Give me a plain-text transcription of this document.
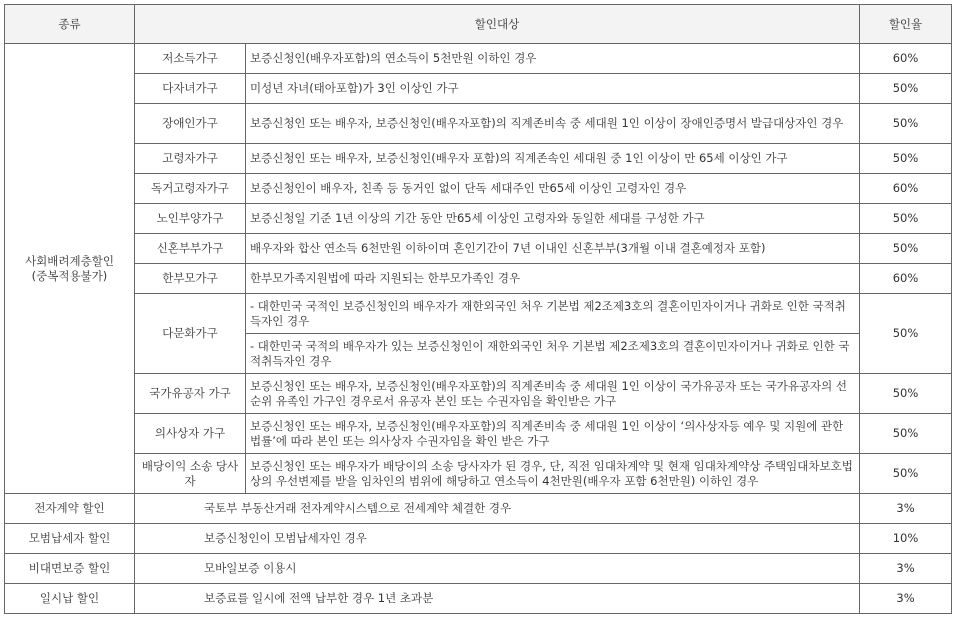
종류	할인대상		할인율

사회배려계층할인
(중복적용불가)	저소득가구	보증신청인(배우자포함)의 연소득이 5천만원 이하인 경우	60%
	다자녀가구	미성년 자녀(태아포함)가 3인 이상인 가구	50%
	장애인가구	보증신청인 또는 배우자, 보증신청인(배우자포함)의 직계존비속 중 세대원 1인 이상이 장애인증명서 발급대상자인 경우	50%
	고령자가구	보증신청인 또는 배우자, 보증신청인(배우자 포함)의 직계존속인 세대원 중 1인 이상이 만 65세 이상인 가구	50%
	독거고령자가구	보증신청인이 배우자, 친족 등 동거인 없이 단독 세대주인 만65세 이상인 고령자인 경우	60%
	노인부양가구	보증신청일 기준 1년 이상의 기간 동안 만65세 이상인 고령자와 동일한 세대를 구성한 가구	50%
	신혼부부가구	배우자와 합산 연소득 6천만원 이하이며 혼인기간이 7년 이내인 신혼부부(3개월 이내 결혼예정자 포함)	50%
	한부모가구	한부모가족지원법에 따라 지원되는 한부모가족인 경우	60%
	다문화가구	- 대한민국 국적인 보증신청인의 배우자가 재한외국인 처우 기본법 제2조제3호의 결혼이민자이거나 귀화로 인한 국적취득자인 경우	50%
		- 대한민국 국적의 배우자가 있는 보증신청인이 재한외국인 처우 기본법 제2조제3호의 결혼이민자이거나 귀화로 인한 국적취득자인 경우	
	국가유공자 가구	보증신청인 또는 배우자, 보증신청인(배우자포함)의 직계존비속 중 세대원 1인 이상이 국가유공자 또는 국가유공자의 선순위 유족인 가구인 경우로서 유공자 본인 또는 수권자임을 확인받은 가구	50%
	의사상자 가구	보증신청인 또는 배우자, 보증신청인(배우자포함)의 직계존비속 중 세대원 1인 이상이 ‘의사상자등 예우 및 지원에 관한 법률’에 따라 본인 또는 의사상자 수권자임을 확인 받은 가구	50%
	배당이익 소송 당사자	보증신청인 또는 배우자가 배당이의 소송 당사자가 된 경우, 단, 직전 임대차계약 및 현재 임대차계약상 주택임대차보호법상의 우선변제를 받을 임차인의 범위에 해당하고 연소득이 4천만원(배우자 포함 6천만원) 이하인 경우	50%
전자계약 할인	국토부 부동산거래 전자계약시스템으로 전세계약 체결한 경우		3%
모범납세자 할인	보증신청인이 모범납세자인 경우		10%
비대면보증 할인	모바일보증 이용시		3%
일시납 할인	보증료를 일시에 전액 납부한 경우 1년 초과분		3%
